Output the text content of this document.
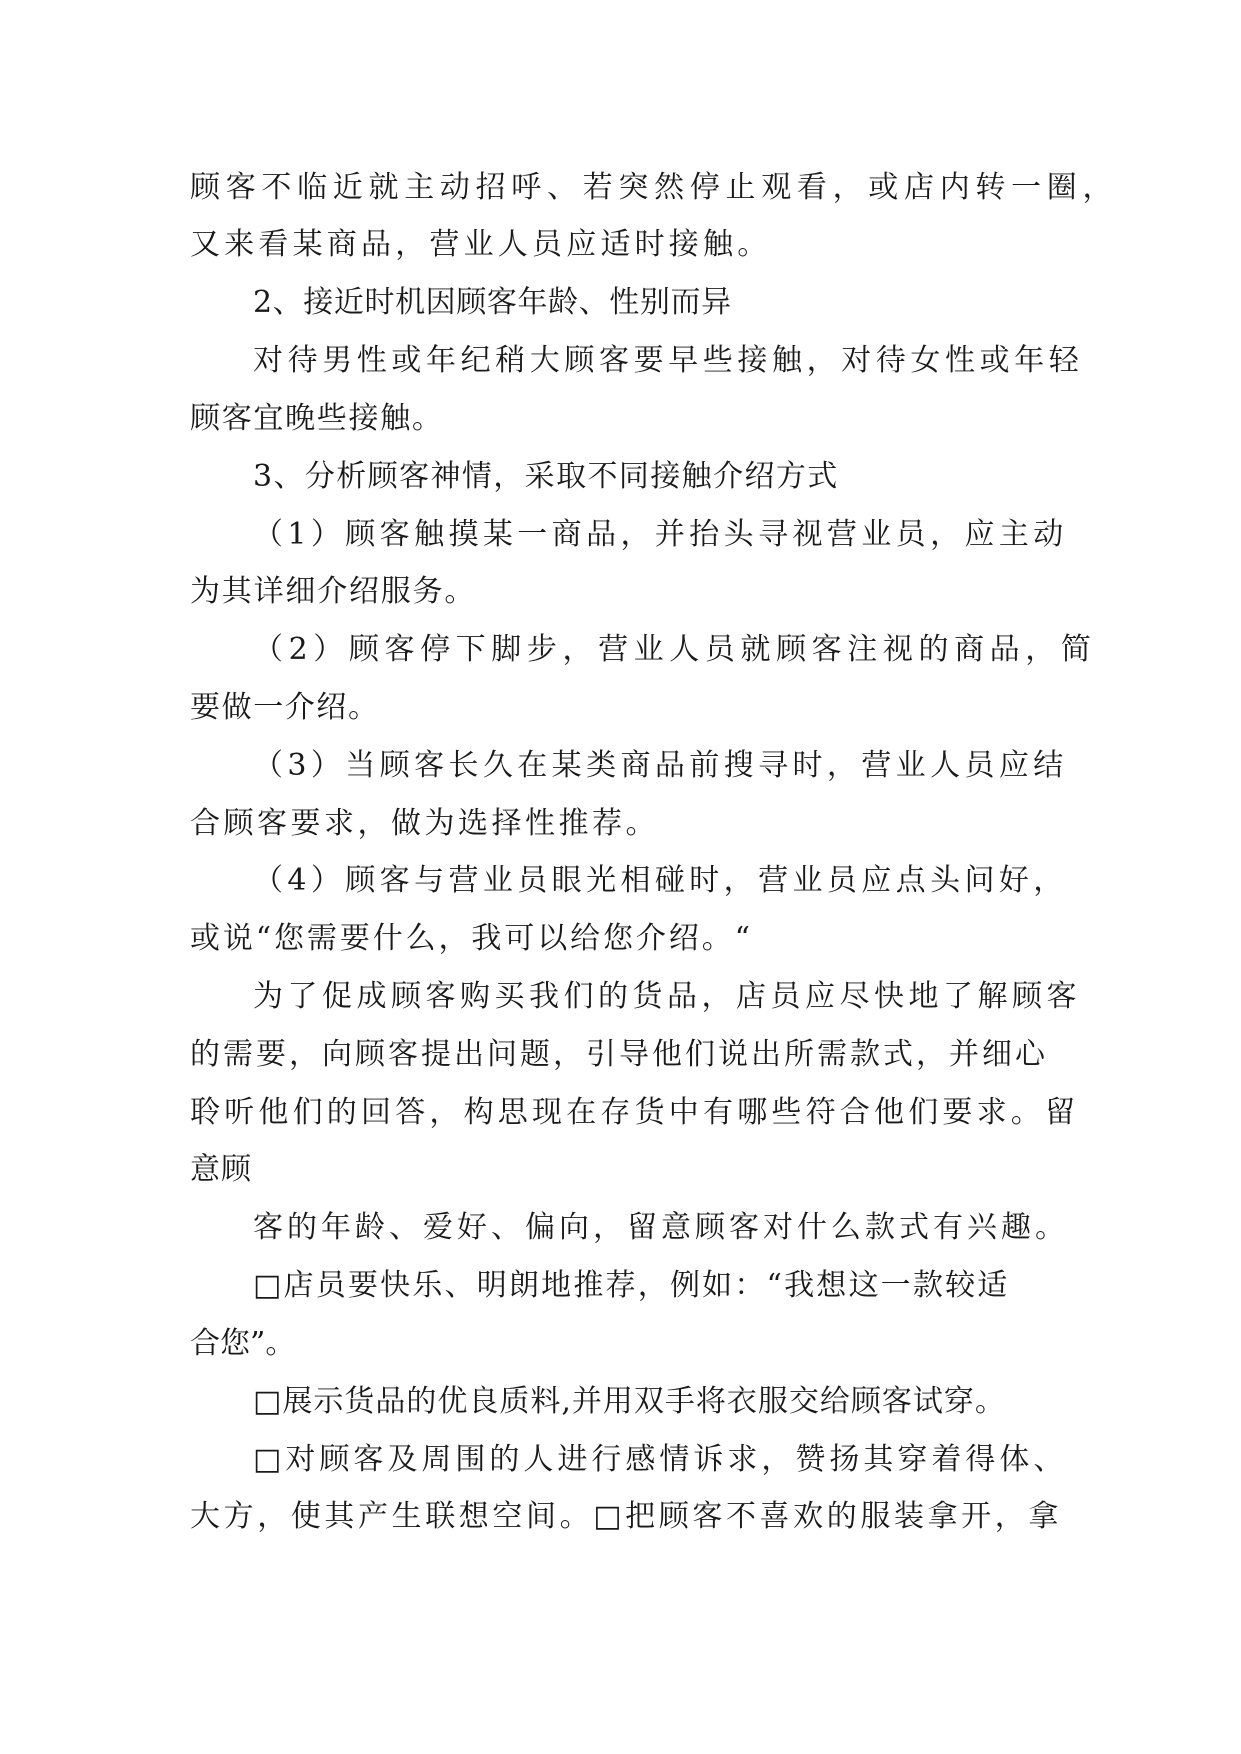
顾客不临近就主动招呼、若突然停止观看，或店内转一圈，
又来看某商品，营业人员应适时接触。
2、接近时机因顾客年龄、性别而异
对待男性或年纪稍大顾客要早些接触，对待女性或年轻
顾客宜晚些接触。
3、分析顾客神情，采取不同接触介绍方式
（1）顾客触摸某一商品，并抬头寻视营业员，应主动
为其详细介绍服务。
（2）顾客停下脚步，营业人员就顾客注视的商品，简
要做一介绍。
（3）当顾客长久在某类商品前搜寻时，营业人员应结
合顾客要求，做为选择性推荐。
（4）顾客与营业员眼光相碰时，营业员应点头问好，
或说“您需要什么，我可以给您介绍。“
为了促成顾客购买我们的货品，店员应尽快地了解顾客
的需要，向顾客提出问题，引导他们说出所需款式，并细心
聆听他们的回答，构思现在存货中有哪些符合他们要求。留
意顾
客的年龄、爱好、偏向，留意顾客对什么款式有兴趣。
□店员要快乐、明朗地推荐，例如：“我想这一款较适
合您”。
□展示货品的优良质料,并用双手将衣服交给顾客试穿。
□对顾客及周围的人进行感情诉求，赞扬其穿着得体、
大方，使其产生联想空间。□把顾客不喜欢的服装拿开，拿
